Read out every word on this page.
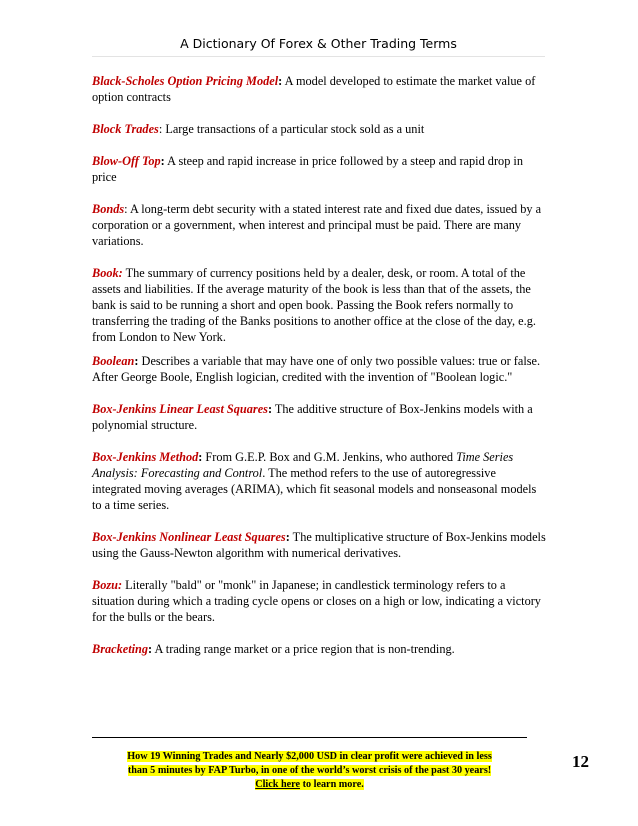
A Dictionary Of Forex & Other Trading Terms

Black-Scholes Option Pricing Model: A model developed to estimate the market value of option contracts

Block Trades: Large transactions of a particular stock sold as a unit

Blow-Off Top: A steep and rapid increase in price followed by a steep and rapid drop in price

Bonds: A long-term debt security with a stated interest rate and fixed due dates, issued by a corporation or a government, when interest and principal must be paid. There are many variations.

Book: The summary of currency positions held by a dealer, desk, or room. A total of the assets and liabilities. If the average maturity of the book is less than that of the assets, the bank is said to be running a short and open book. Passing the Book refers normally to transferring the trading of the Banks positions to another office at the close of the day, e.g. from London to New York.

Boolean: Describes a variable that may have one of only two possible values: true or false. After George Boole, English logician, credited with the invention of "Boolean logic."

Box-Jenkins Linear Least Squares: The additive structure of Box-Jenkins models with a polynomial structure.

Box-Jenkins Method: From G.E.P. Box and G.M. Jenkins, who authored Time Series Analysis: Forecasting and Control. The method refers to the use of autoregressive integrated moving averages (ARIMA), which fit seasonal models and nonseasonal models to a time series.

Box-Jenkins Nonlinear Least Squares: The multiplicative structure of Box-Jenkins models using the Gauss-Newton algorithm with numerical derivatives.

Bozu: Literally "bald" or "monk" in Japanese; in candlestick terminology refers to a situation during which a trading cycle opens or closes on a high or low, indicating a victory for the bulls or the bears.

Bracketing: A trading range market or a price region that is non-trending.

How 19 Winning Trades and Nearly $2,000 USD in clear profit were achieved in less
than 5 minutes by FAP Turbo, in one of the world’s worst crisis of the past 30 years!
Click here to learn more.
12
